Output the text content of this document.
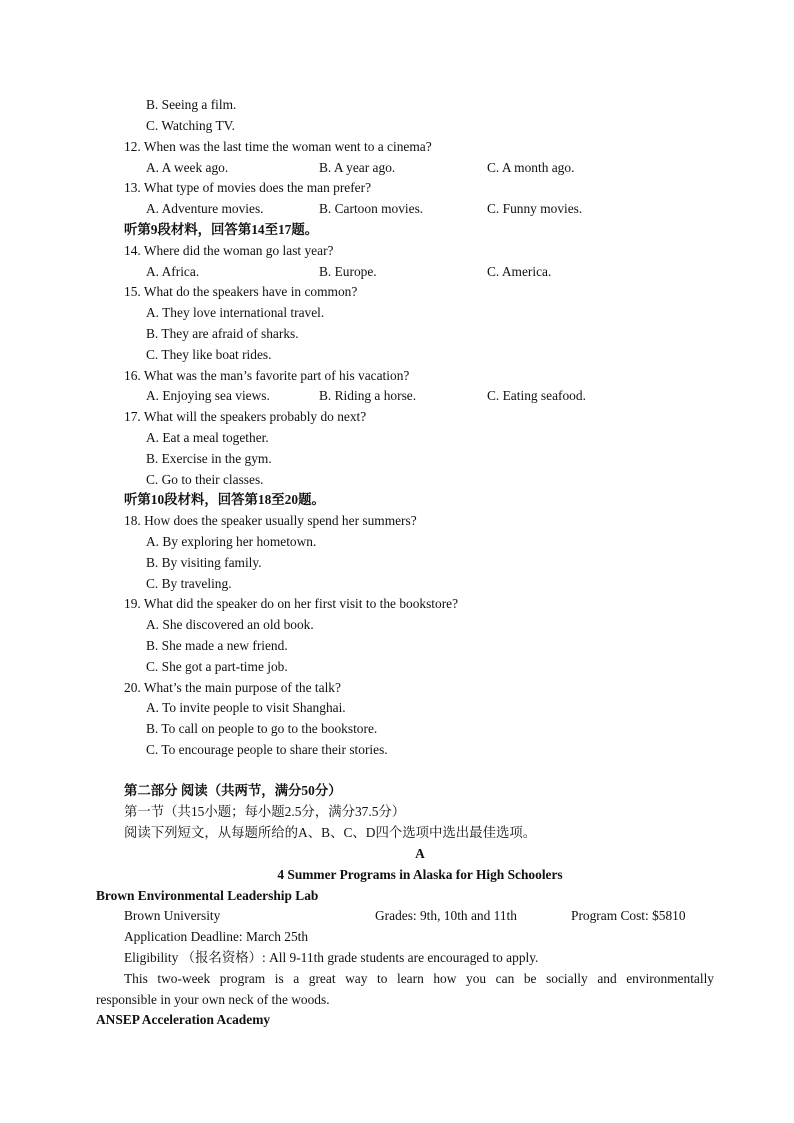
B. Seeing a film.
C. Watching TV.
12. When was the last time the woman went to a cinema?
A. A week ago.	B. A year ago.	C. A month ago.
13. What type of movies does the man prefer?
A. Adventure movies.	B. Cartoon movies.	C. Funny movies.
听第9段材料，回答第14至17题。
14. Where did the woman go last year?
A. Africa.	B. Europe.	C. America.
15. What do the speakers have in common?
A. They love international travel.
B. They are afraid of sharks.
C. They like boat rides.
16. What was the man’s favorite part of his vacation?
A. Enjoying sea views.	B. Riding a horse.	C. Eating seafood.
17. What will the speakers probably do next?
A. Eat a meal together.
B. Exercise in the gym.
C. Go to their classes.
听第10段材料，回答第18至20题。
18. How does the speaker usually spend her summers?
A. By exploring her hometown.
B. By visiting family.
C. By traveling.
19. What did the speaker do on her first visit to the bookstore?
A. She discovered an old book.
B. She made a new friend.
C. She got a part-time job.
20. What’s the main purpose of the talk?
A. To invite people to visit Shanghai.
B. To call on people to go to the bookstore.
C. To encourage people to share their stories.
第二部分 阅读（共两节，满分50分）
第一节（共15小题；每小题2.5分，满分37.5分）
阅读下列短文，从每题所给的A、B、C、D四个选项中选出最佳选项。
A
4 Summer Programs in Alaska for High Schoolers
Brown Environmental Leadership Lab
Brown University	Grades: 9th, 10th and 11th	Program Cost: $5810
Application Deadline: March 25th
Eligibility （报名资格）: All 9-11th grade students are encouraged to apply.
This two-week program is a great way to learn how you can be socially and environmentally
responsible in your own neck of the woods.
ANSEP Acceleration Academy
